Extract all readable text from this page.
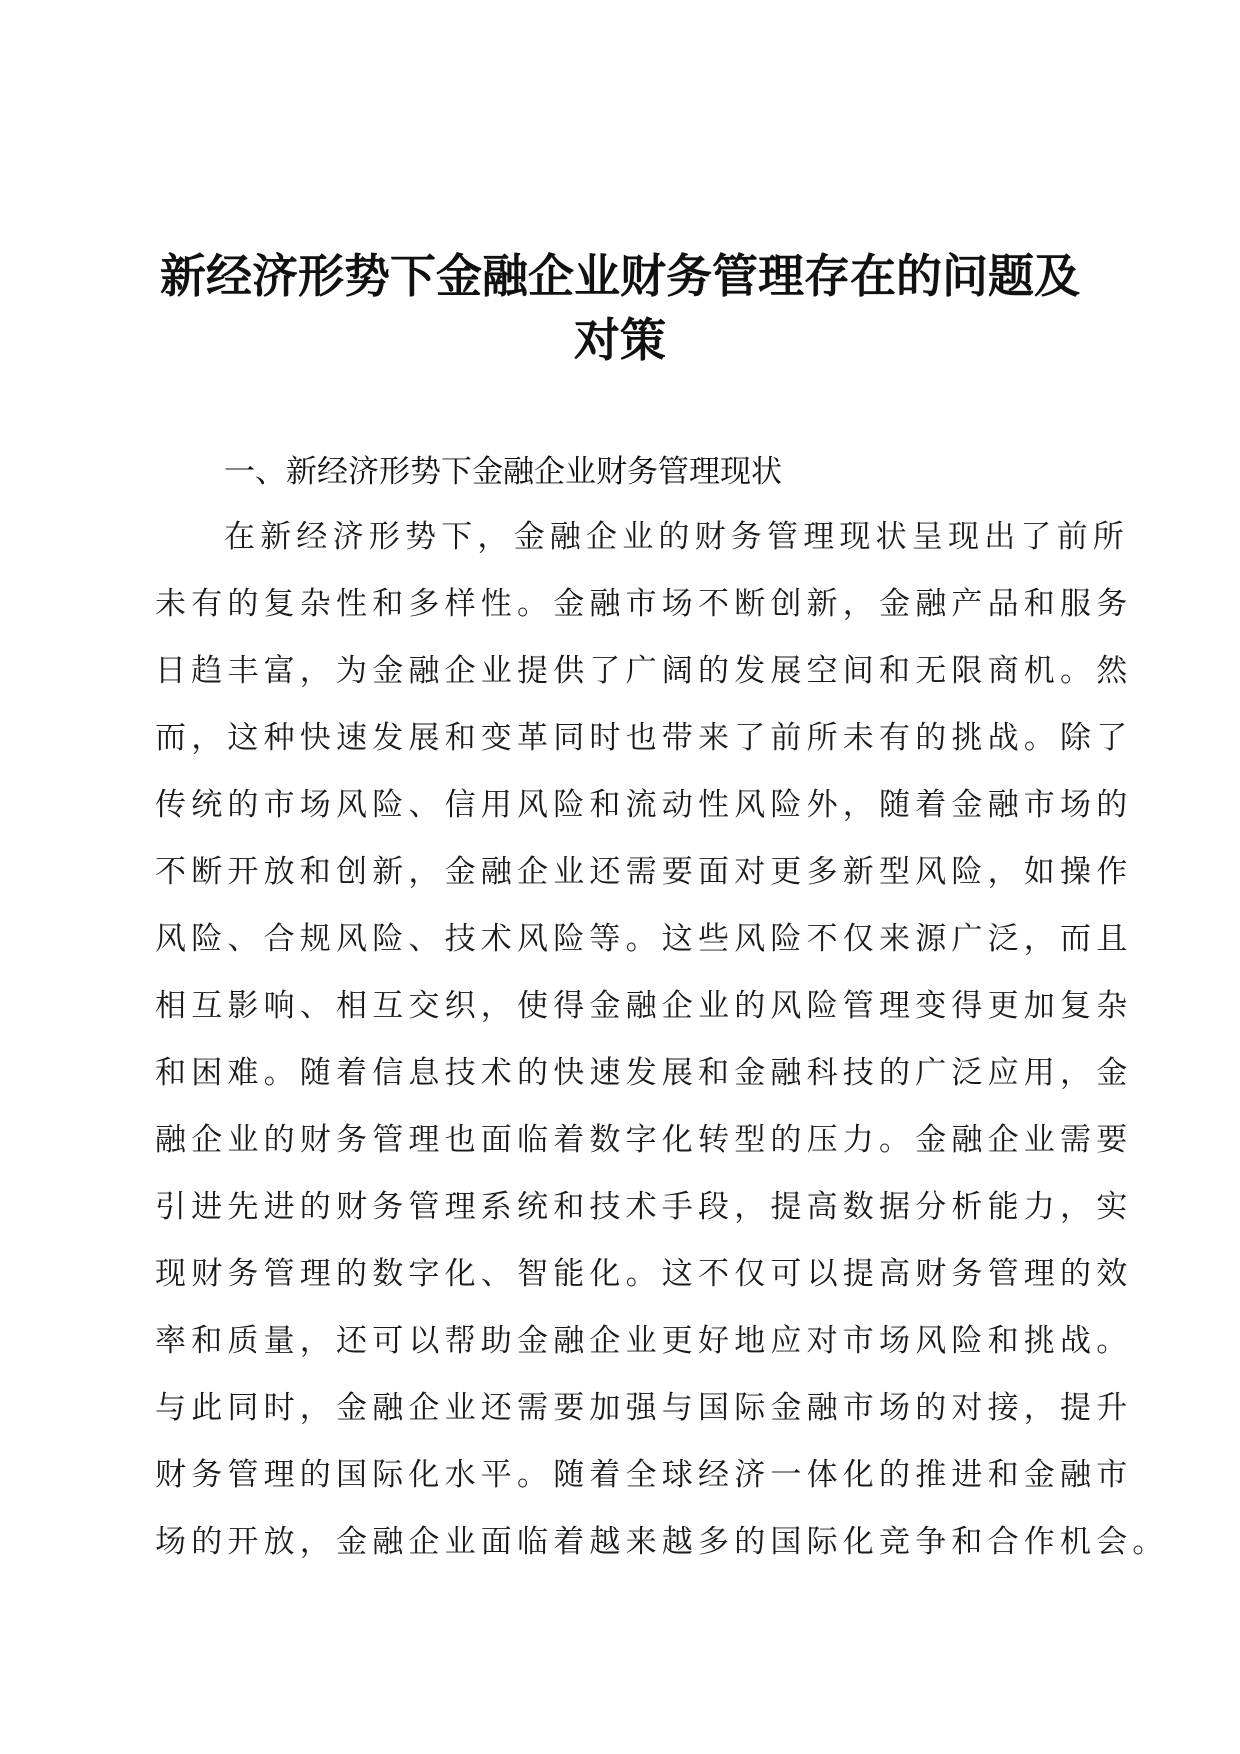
新经济形势下金融企业财务管理存在的问题及
对策
一、新经济形势下金融企业财务管理现状
在新经济形势下，金融企业的财务管理现状呈现出了前所
未有的复杂性和多样性。金融市场不断创新，金融产品和服务
日趋丰富，为金融企业提供了广阔的发展空间和无限商机。然
而，这种快速发展和变革同时也带来了前所未有的挑战。除了
传统的市场风险、信用风险和流动性风险外，随着金融市场的
不断开放和创新，金融企业还需要面对更多新型风险，如操作
风险、合规风险、技术风险等。这些风险不仅来源广泛，而且
相互影响、相互交织，使得金融企业的风险管理变得更加复杂
和困难。随着信息技术的快速发展和金融科技的广泛应用，金
融企业的财务管理也面临着数字化转型的压力。金融企业需要
引进先进的财务管理系统和技术手段，提高数据分析能力，实
现财务管理的数字化、智能化。这不仅可以提高财务管理的效
率和质量，还可以帮助金融企业更好地应对市场风险和挑战。
与此同时，金融企业还需要加强与国际金融市场的对接，提升
财务管理的国际化水平。随着全球经济一体化的推进和金融市
场的开放，金融企业面临着越来越多的国际化竞争和合作机会。
